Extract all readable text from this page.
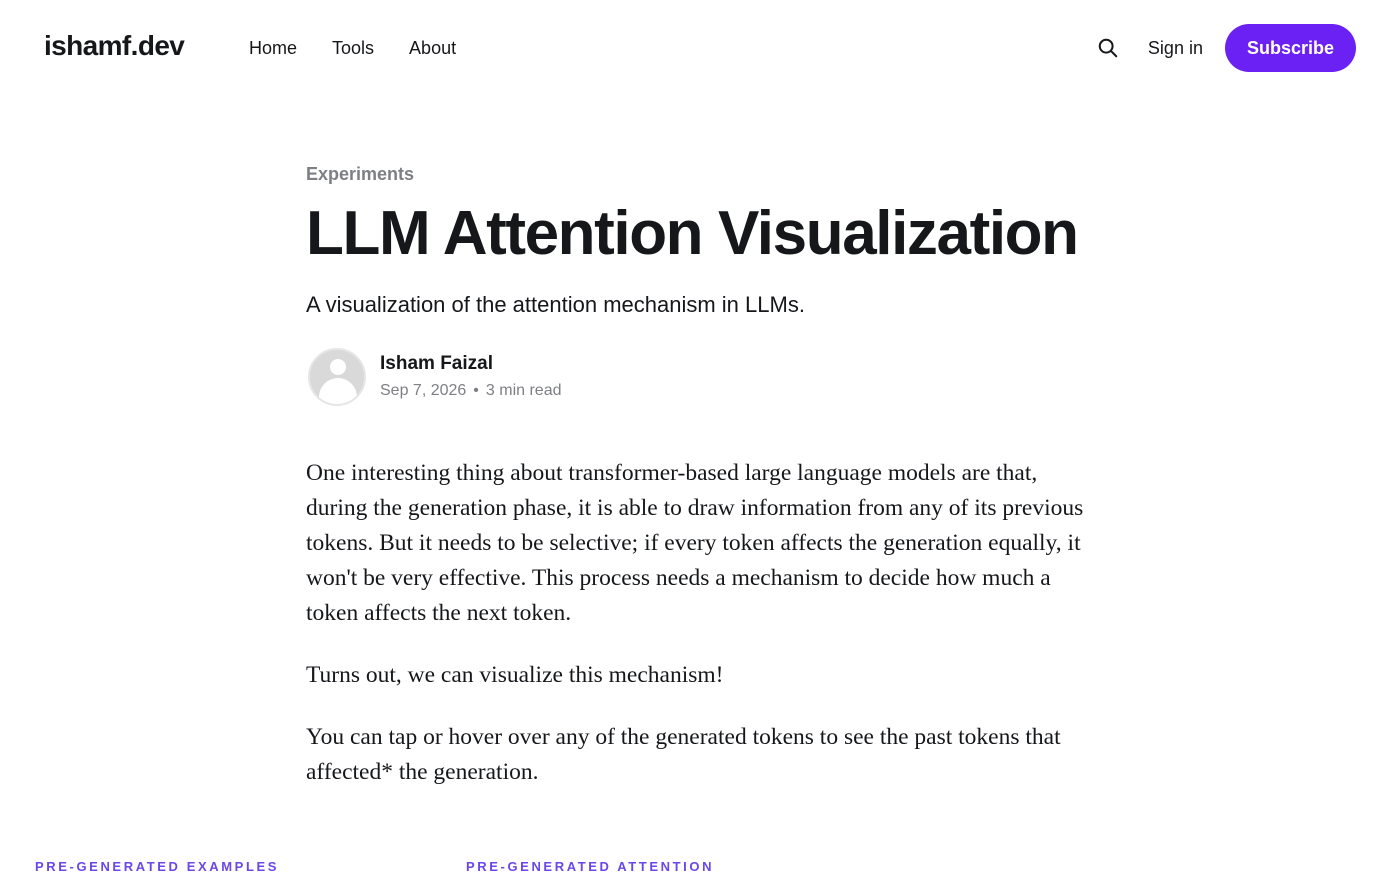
ishamf.dev	Home Tools About	Sign in	Subscribe
Experiments
LLM Attention Visualization

A visualization of the attention mechanism in LLMs.

Isham Faizal
Sep 7, 2026 • 3 min read

One interesting thing about transformer-based large language models are that, during the generation phase, it is able to draw information from any of its previous tokens. But it needs to be selective; if every token affects the generation equally, it won't be very effective. This process needs a mechanism to decide how much a token affects the next token.

Turns out, we can visualize this mechanism!

You can tap or hover over any of the generated tokens to see the past tokens that affected* the generation.

PRE-GENERATED EXAMPLES	PRE-GENERATED ATTENTION
